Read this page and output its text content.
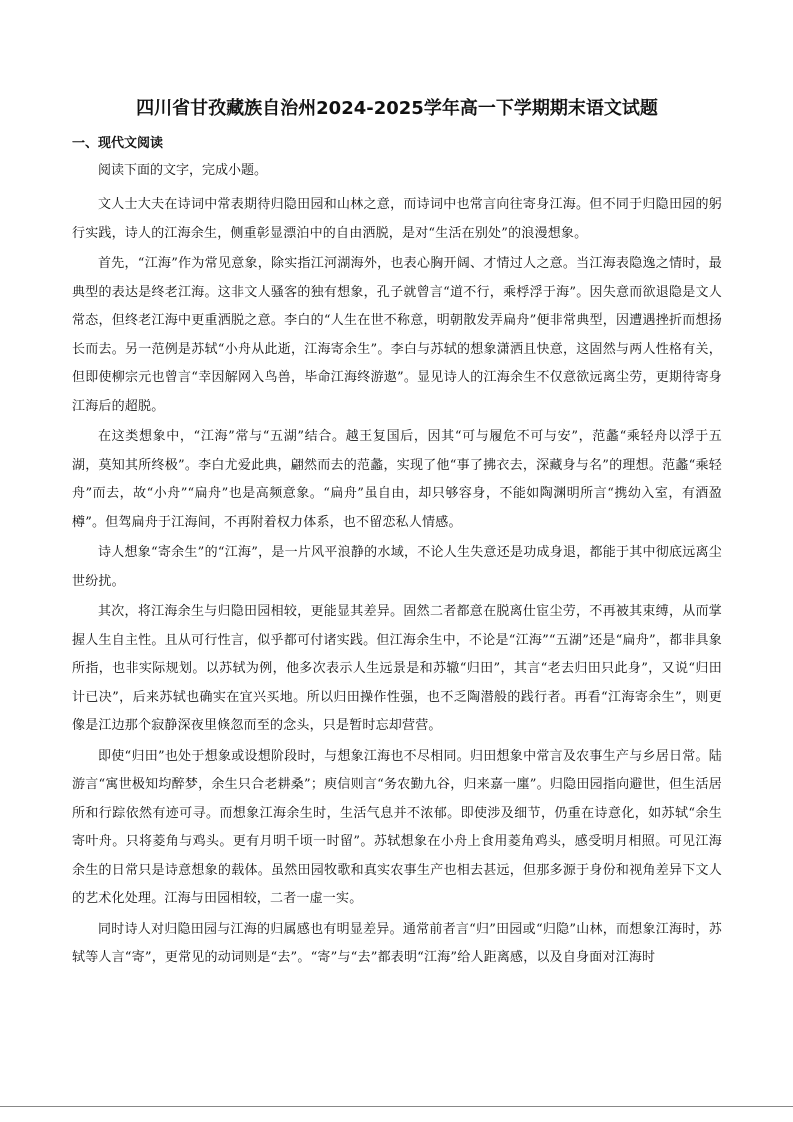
四川省甘孜藏族自治州2024-2025学年高一下学期期末语文试题
一、现代文阅读

阅读下面的文字，完成小题。

文人士大夫在诗词中常表期待归隐田园和山林之意，而诗词中也常言向往寄身江海。但不同于归隐田园的躬行实践，诗人的江海余生，侧重彰显漂泊中的自由洒脱，是对“生活在别处”的浪漫想象。

首先，“江海”作为常见意象，除实指江河湖海外，也表心胸开阔、才情过人之意。当江海表隐逸之情时，最典型的表达是终老江海。这非文人骚客的独有想象，孔子就曾言“道不行，乘桴浮于海”。因失意而欲退隐是文人常态，但终老江海中更重洒脱之意。李白的“人生在世不称意，明朝散发弄扁舟”便非常典型，因遭遇挫折而想扬长而去。另一范例是苏轼“小舟从此逝，江海寄余生”。李白与苏轼的想象潇洒且快意，这固然与两人性格有关，但即使柳宗元也曾言“幸因解网入鸟兽，毕命江海终游遨”。显见诗人的江海余生不仅意欲远离尘劳，更期待寄身江海后的超脱。

在这类想象中，“江海”常与“五湖”结合。越王复国后，因其“可与履危不可与安”，范蠡“乘轻舟以浮于五湖，莫知其所终极”。李白尤爱此典，翩然而去的范蠡，实现了他“事了拂衣去，深藏身与名”的理想。范蠡“乘轻舟”而去，故“小舟”“扁舟”也是高频意象。“扁舟”虽自由，却只够容身，不能如陶渊明所言“携幼入室，有酒盈樽”。但驾扁舟于江海间，不再附着权力体系，也不留恋私人情感。

诗人想象“寄余生”的“江海”，是一片风平浪静的水域，不论人生失意还是功成身退，都能于其中彻底远离尘世纷扰。

其次，将江海余生与归隐田园相较，更能显其差异。固然二者都意在脱离仕宦尘劳，不再被其束缚，从而掌握人生自主性。且从可行性言，似乎都可付诸实践。但江海余生中，不论是“江海”“五湖”还是“扁舟”，都非具象所指，也非实际规划。以苏轼为例，他多次表示人生远景是和苏辙“归田”，其言“老去归田只此身”，又说“归田计已决”，后来苏轼也确实在宜兴买地。所以归田操作性强，也不乏陶潜般的践行者。再看“江海寄余生”，则更像是江边那个寂静深夜里倏忽而至的念头，只是暂时忘却营营。

即使“归田”也处于想象或设想阶段时，与想象江海也不尽相同。归田想象中常言及农事生产与乡居日常。陆游言“寓世极知均醉梦，余生只合老耕桑”；庾信则言“务农勤九谷，归来嘉一廛”。归隐田园指向避世，但生活居所和行踪依然有迹可寻。而想象江海余生时，生活气息并不浓郁。即使涉及细节，仍重在诗意化，如苏轼“余生寄叶舟。只将菱角与鸡头。更有月明千顷一时留”。苏轼想象在小舟上食用菱角鸡头，感受明月相照。可见江海余生的日常只是诗意想象的载体。虽然田园牧歌和真实农事生产也相去甚远，但那多源于身份和视角差异下文人的艺术化处理。江海与田园相较，二者一虚一实。

同时诗人对归隐田园与江海的归属感也有明显差异。通常前者言“归”田园或“归隐”山林，而想象江海时，苏轼等人言“寄”，更常见的动词则是“去”。“寄”与“去”都表明“江海”给人距离感，以及自身面对江海时
